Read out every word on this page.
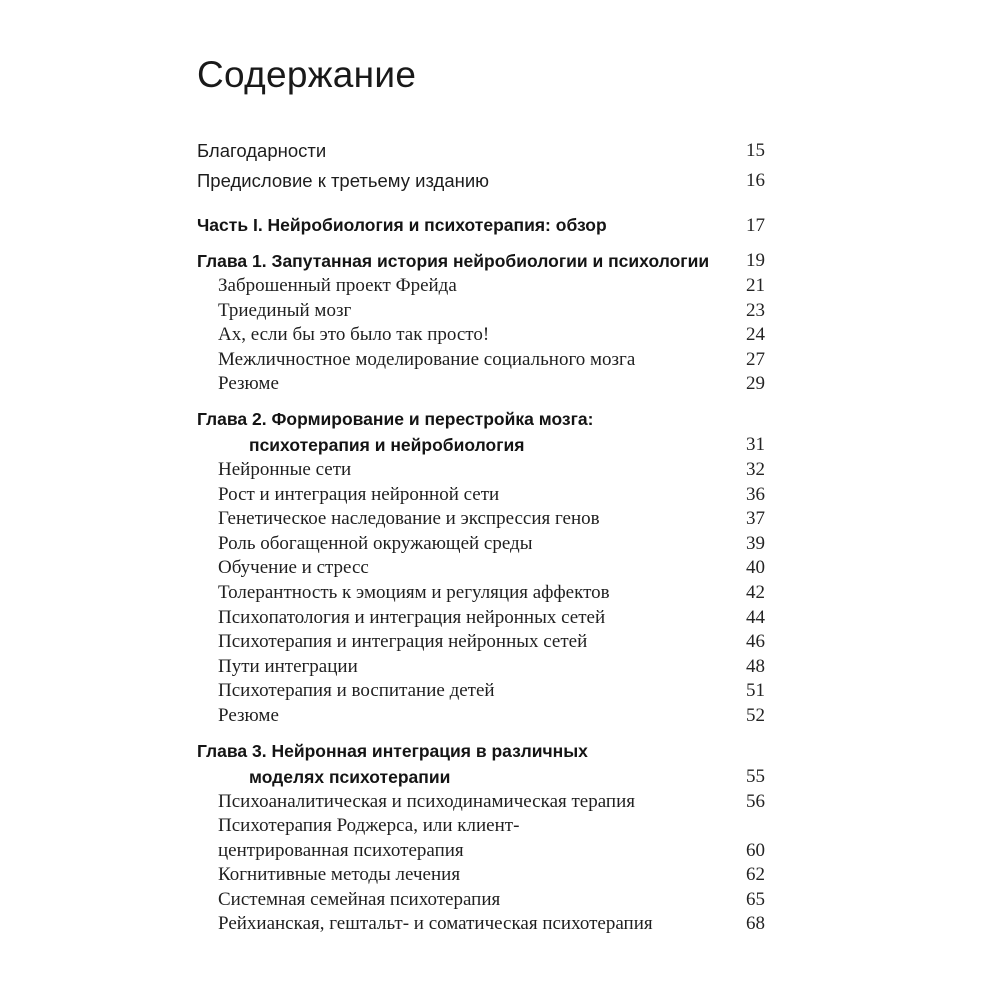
Содержание
Благодарности	15
Предисловие к третьему изданию	16
Часть I. Нейробиология и психотерапия: обзор	17
Глава 1. Запутанная история нейробиологии и психологии	19
Заброшенный проект Фрейда	21
Триединый мозг	23
Ах, если бы это было так просто!	24
Межличностное моделирование социального мозга	27
Резюме	29
Глава 2. Формирование и перестройка мозга:
психотерапия и нейробиология	31
Нейронные сети	32
Рост и интеграция нейронной сети	36
Генетическое наследование и экспрессия генов	37
Роль обогащенной окружающей среды	39
Обучение и стресс	40
Толерантность к эмоциям и регуляция аффектов	42
Психопатология и интеграция нейронных сетей	44
Психотерапия и интеграция нейронных сетей	46
Пути интеграции	48
Психотерапия и воспитание детей	51
Резюме	52
Глава 3. Нейронная интеграция в различных
моделях психотерапии	55
Психоаналитическая и психодинамическая терапия	56
Психотерапия Роджерса, или клиент-
центрированная психотерапия	60
Когнитивные методы лечения	62
Системная семейная психотерапия	65
Рейхианская, гештальт- и соматическая психотерапия	68
